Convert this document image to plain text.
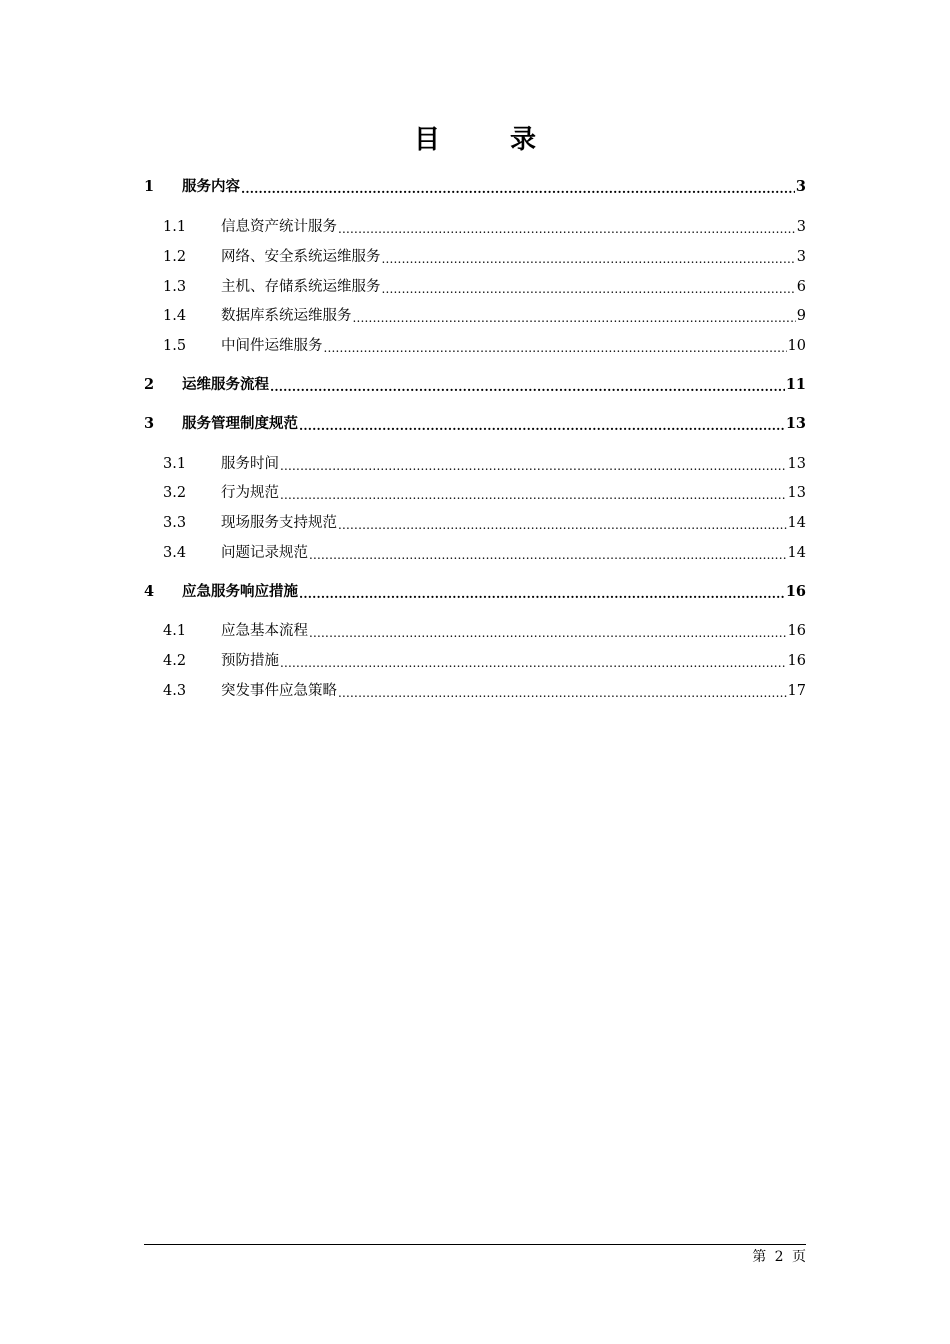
目　录
1	服务内容 .....	3
1.1	信息资产统计服务 .....	3
1.2	网络、安全系统运维服务 .....	3
1.3	主机、存储系统运维服务 .....	6
1.4	数据库系统运维服务 .....	9
1.5	中间件运维服务 .....	10
2	运维服务流程 .....	11
3	服务管理制度规范 .....	13
3.1	服务时间 .....	13
3.2	行为规范 .....	13
3.3	现场服务支持规范 .....	14
3.4	问题记录规范 .....	14
4	应急服务响应措施 .....	16
4.1	应急基本流程 .....	16
4.2	预防措施 .....	16
4.3	突发事件应急策略 .....	17
第 2 页
